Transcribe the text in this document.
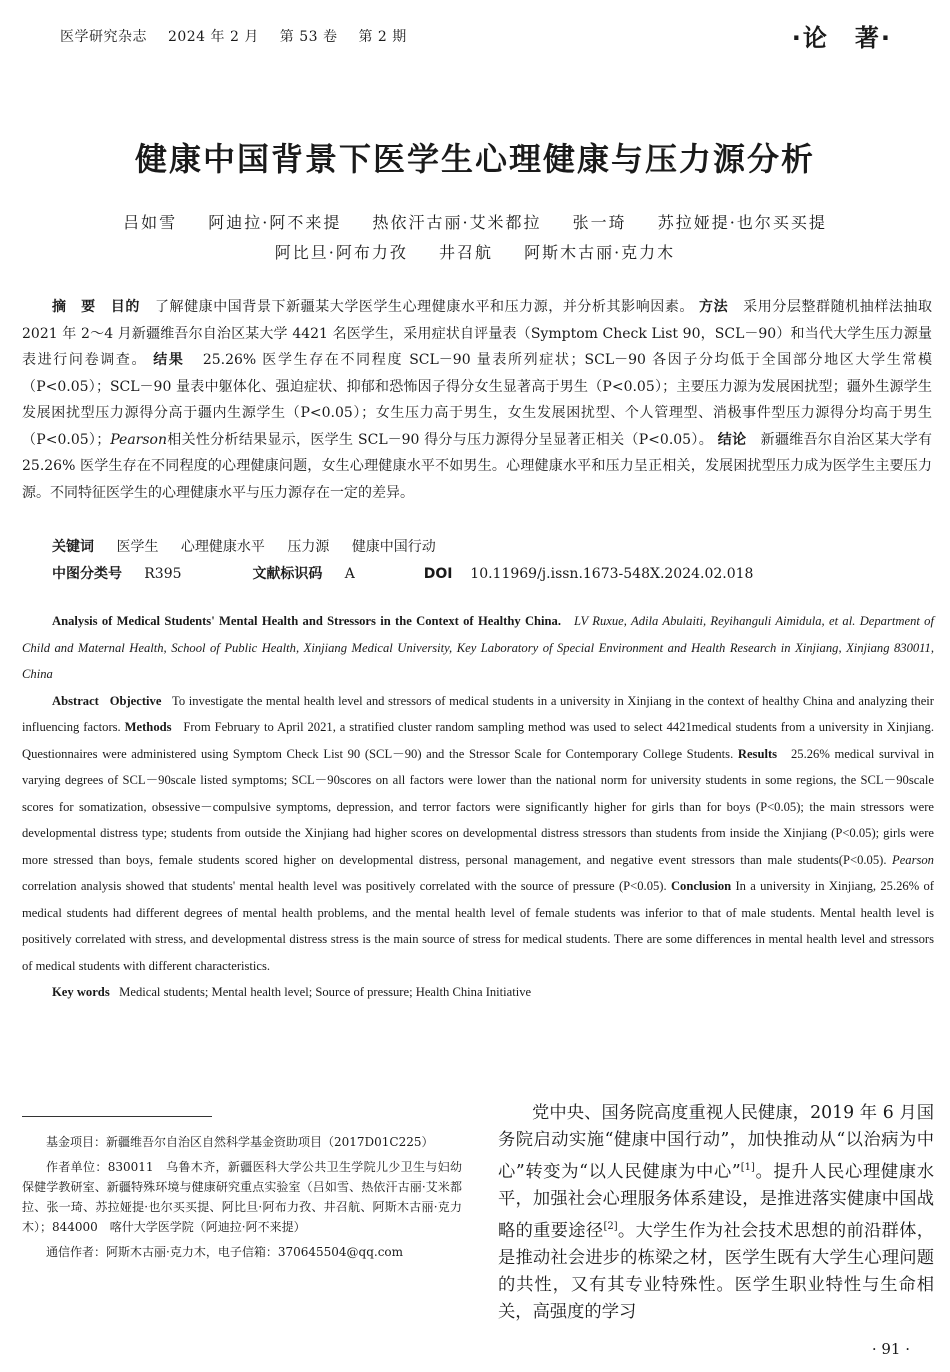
医学研究杂志 2024 年 2 月 第 53 卷 第 2 期	·论　著·
健康中国背景下医学生心理健康与压力源分析
吕如雪 阿迪拉·阿不来提 热依汗古丽·艾米都拉 张一琦 苏拉娅提·也尔买买提
阿比旦·阿布力孜 井召航 阿斯木古丽·克力木
摘　要 目的 了解健康中国背景下新疆某大学医学生心理健康水平和压力源，并分析其影响因素。 方法 采用分层整群随机抽样法抽取 2021 年 2～4 月新疆维吾尔自治区某大学 4421 名医学生，采用症状自评量表（Symptom Check List 90，SCL－90）和当代大学生压力源量表进行问卷调查。 结果 25.26% 医学生存在不同程度 SCL－90 量表所列症状；SCL－90 各因子分均低于全国部分地区大学生常模（P<0.05）；SCL－90 量表中躯体化、强迫症状、抑郁和恐怖因子得分女生显著高于男生（P<0.05）；主要压力源为发展困扰型；疆外生源学生发展困扰型压力源得分高于疆内生源学生（P<0.05）；女生压力高于男生，女生发展困扰型、个人管理型、消极事件型压力源得分均高于男生（P<0.05）；Pearson相关性分析结果显示，医学生 SCL－90 得分与压力源得分呈显著正相关（P<0.05）。 结论 新疆维吾尔自治区某大学有 25.26% 医学生存在不同程度的心理健康问题，女生心理健康水平不如男生。心理健康水平和压力呈正相关，发展困扰型压力成为医学生主要压力源。不同特征医学生的心理健康水平与压力源存在一定的差异。
关键词 医学生 心理健康水平 压力源 健康中国行动
中图分类号 R395	文献标识码 A	DOI 10.11969/j.issn.1673-548X.2024.02.018
Analysis of Medical Students' Mental Health and Stressors in the Context of Healthy China. LV Ruxue, Adila Abulaiti, Reyihanguli Aimidula, et al. Department of Child and Maternal Health, School of Public Health, Xinjiang Medical University, Key Laboratory of Special Environment and Health Research in Xinjiang, Xinjiang 830011, China
Abstract Objective To investigate the mental health level and stressors of medical students in a university in Xinjiang in the context of healthy China and analyzing their influencing factors. Methods From February to April 2021, a stratified cluster random sampling method was used to select 4421medical students from a university in Xinjiang. Questionnaires were administered using Symptom Check List 90 (SCL－90) and the Stressor Scale for Contemporary College Students. Results 25.26% medical survival in varying degrees of SCL－90scale listed symptoms; SCL－90scores on all factors were lower than the national norm for university students in some regions, the SCL－90scale scores for somatization, obsessive－compulsive symptoms, depression, and terror factors were significantly higher for girls than for boys (P<0.05); the main stressors were developmental distress type; students from outside the Xinjiang had higher scores on developmental distress stressors than students from inside the Xinjiang (P<0.05); girls were more stressed than boys, female students scored higher on developmental distress, personal management, and negative event stressors than male students(P<0.05). Pearson correlation analysis showed that students' mental health level was positively correlated with the source of pressure (P<0.05). Conclusion In a university in Xinjiang, 25.26% of medical students had different degrees of mental health problems, and the mental health level of female students was inferior to that of male students. Mental health level is positively correlated with stress, and developmental distress stress is the main source of stress for medical students. There are some differences in mental health level and stressors of medical students with different characteristics.
Key words Medical students; Mental health level; Source of pressure; Health China Initiative

基金项目：新疆维吾尔自治区自然科学基金资助项目（2017D01C225）

作者单位：830011　乌鲁木齐，新疆医科大学公共卫生学院儿少卫生与妇幼保健学教研室、新疆特殊环境与健康研究重点实验室（吕如雪、热依汗古丽·艾米都拉、张一琦、苏拉娅提·也尔买买提、阿比旦·阿布力孜、井召航、阿斯木古丽·克力木）；844000　喀什大学医学院（阿迪拉·阿不来提）

通信作者：阿斯木古丽·克力木，电子信箱：370645504@qq.com

党中央、国务院高度重视人民健康，2019 年 6 月国务院启动实施“健康中国行动”，加快推动从“以治病为中心”转变为“以人民健康为中心”[1]。提升人民心理健康水平，加强社会心理服务体系建设，是推进落实健康中国战略的重要途径[2]。大学生作为社会技术思想的前沿群体，是推动社会进步的栋梁之材，医学生既有大学生心理问题的共性，又有其专业特殊性。医学生职业特性与生命相关，高强度的学习

· 91 ·
